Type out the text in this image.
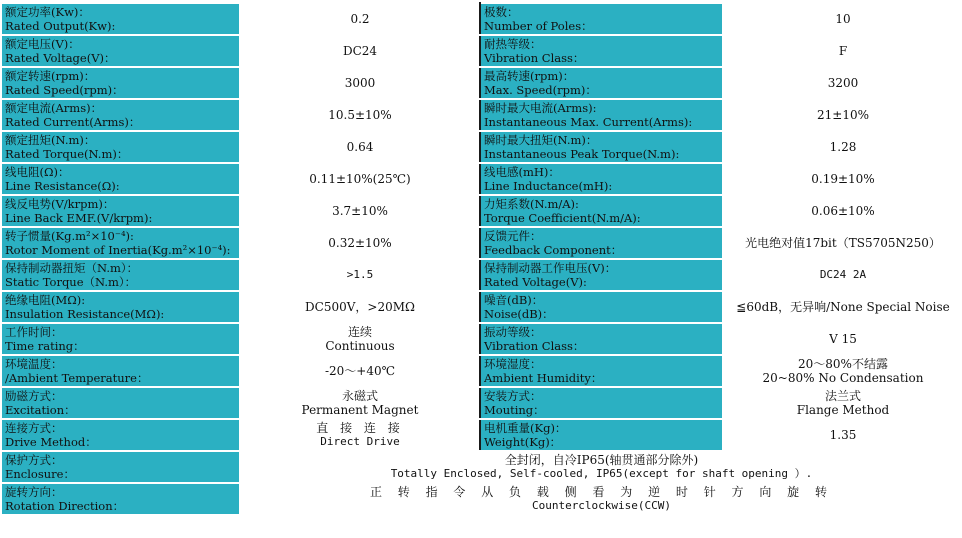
额定功率(Kw)：
Rated Output(Kw):	0.2	极数：
Number of Poles：	10

额定电压(V)：
Rated Voltage(V)：	DC24	耐热等级：
Vibration Class：	F

额定转速(rpm)：
Rated Speed(rpm)：	3000	最高转速(rpm)：
Max. Speed(rpm)：	3200

额定电流(Arms)：
Rated Current(Arms)：	10.5±10%	瞬时最大电流(Arms):
Instantaneous Max. Current(Arms):	21±10%

额定扭矩(N.m)：
Rated Torque(N.m)：	0.64	瞬时最大扭矩(N.m)：
Instantaneous Peak Torque(N.m):	1.28

线电阻(Ω)：
Line Resistance(Ω):	0.11±10%(25℃)	线电感(mH)：
Line Inductance(mH):	0.19±10%

线反电势(V/krpm)：
Line Back EMF.(V/krpm):	3.7±10%	力矩系数(N.m/A):
Torque Coefficient(N.m/A):	0.06±10%

转子惯量(Kg.m²×10⁻⁴):
Rotor Moment of Inertia(Kg.m²×10⁻⁴):	0.32±10%	反馈元件：
Feedback Component：	光电绝对值17bit（TS5705N250）

保持制动器扭矩（N.m）：
Static Torque（N.m）：	>1.5	保持制动器工作电压(V)：
Rated Voltage(V):	DC24 2A

绝缘电阻(MΩ):
Insulation Resistance(MΩ):	DC500V，>20MΩ	噪音(dB)：
Noise(dB)：	≦60dB，无异响/None Special Noise

工作时间：
Time rating：	连续
Continuous	振动等级：
Vibration Class：	V 15

环境温度：
/Ambient Temperature：	-20～+40℃	环境湿度：
Ambient Humidity：	20～80%不结露
20~80% No Condensation

励磁方式：
Excitation：	永磁式
Permanent Magnet	安装方式：
Mouting：	法兰式
Flange Method

连接方式：
Drive Method：	直 接 连 接
Direct Drive	电机重量(Kg)：
Weight(Kg)：	1.35

保护方式：
Enclosure：	全封闭，自冷IP65(轴贯通部分除外)
Totally Enclosed, Self-cooled, IP65(except for shaft opening ）.		

旋转方向：
Rotation Direction：	正 转 指 令 从 负 载 侧 看 为 逆 时 针 方 向 旋 转
Counterclockwise(CCW)		
